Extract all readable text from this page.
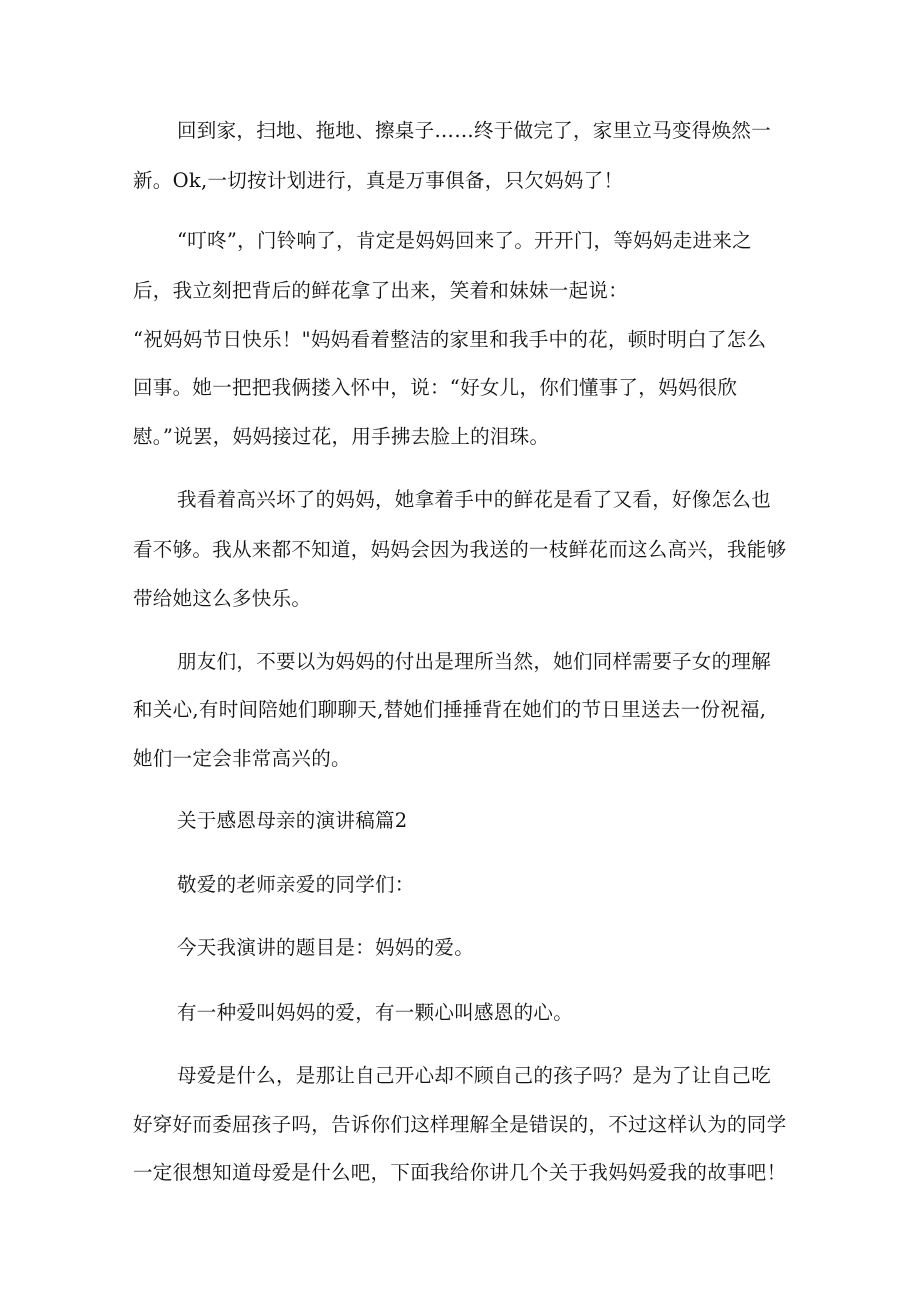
回到家，扫地、拖地、擦桌子……终于做完了，家里立马变得焕然一
新。Ok,一切按计划进行，真是万事俱备，只欠妈妈了！
“叮咚”，门铃响了，肯定是妈妈回来了。开开门，等妈妈走进来之
后，我立刻把背后的鲜花拿了出来，笑着和妹妹一起说：
“祝妈妈节日快乐！"妈妈看着整洁的家里和我手中的花，顿时明白了怎么
回事。她一把把我俩搂入怀中，说：“好女儿，你们懂事了，妈妈很欣
慰。”说罢，妈妈接过花，用手拂去脸上的泪珠。
我看着高兴坏了的妈妈，她拿着手中的鲜花是看了又看，好像怎么也
看不够。我从来都不知道，妈妈会因为我送的一枝鲜花而这么高兴，我能够
带给她这么多快乐。
朋友们，不要以为妈妈的付出是理所当然，她们同样需要子女的理解
和关心,有时间陪她们聊聊天,替她们捶捶背在她们的节日里送去一份祝福,
她们一定会非常高兴的。
关于感恩母亲的演讲稿篇2
敬爱的老师亲爱的同学们：
今天我演讲的题目是：妈妈的爱。
有一种爱叫妈妈的爱，有一颗心叫感恩的心。
母爱是什么，是那让自己开心却不顾自己的孩子吗？是为了让自己吃
好穿好而委屈孩子吗，告诉你们这样理解全是错误的，不过这样认为的同学
一定很想知道母爱是什么吧，下面我给你讲几个关于我妈妈爱我的故事吧！
